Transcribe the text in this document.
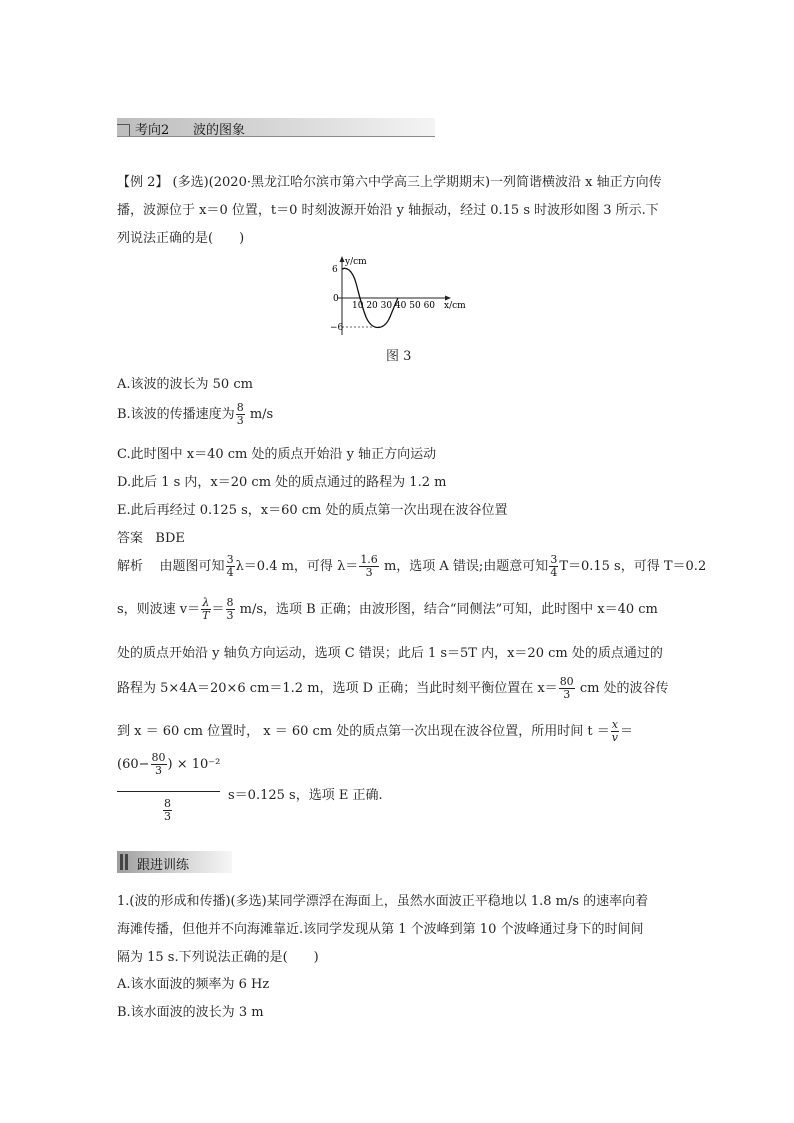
考向2 波的图象
【例 2】 (多选)(2020·黑龙江哈尔滨市第六中学高三上学期期末)一列简谐横波沿 x 轴正方向传
播，波源位于 x＝0 位置，t＝0 时刻波源开始沿 y 轴振动，经过 0.15 s 时波形如图 3 所示.下
列说法正确的是(　　)
y/cm
6
0
−6
10 20 30 40 50 60 x/cm
图 3
A.该波的波长为 50 cm
B.该波的传播速度为 $\frac{8}{3} m/s$
C.此时图中 x＝40 cm 处的质点开始沿 y 轴正方向运动
D.此后 1 s 内，x＝20 cm 处的质点通过的路程为 1.2 m
E.此后再经过 0.125 s，x＝60 cm 处的质点第一次出现在波谷位置
答案 BDE
解析 由题图可知 $\frac{3}{4} \lambda=0.4$ m，可得 $\lambda= \frac{1.6}{3}$ m，选项 A 错误;由题意可知 $\frac{3}{4} T=0.15$ s，可得 T＝0.2
s，则波速 $v= \frac{\lambda}{T} = \frac{8}{3} m/s$，选项 B 正确；由波形图，结合“同侧法”可知，此时图中 x＝40 cm
处的质点开始沿 y 轴负方向运动，选项 C 错误；此后 1 s＝5T 内，x＝20 cm 处的质点通过的
路程为 5×4A＝20×6 cm＝1.2 m，选项 D 正确；当此时刻平衡位置在 $x= \frac{80}{3}$ cm 处的波谷传
到 x ＝ 60 cm 位置时， x ＝ 60 cm 处的质点第一次出现在波谷位置，所用时间 $t = \frac{x}{v}$ ＝
($60- \frac{80}{3}$ ) × 10⁻²
$\frac{8}{3}$
s＝0.125 s，选项 E 正确.
跟进训练
1.(波的形成和传播)(多选)某同学漂浮在海面上，虽然水面波正平稳地以 1.8 m/s 的速率向着
海滩传播，但他并不向海滩靠近.该同学发现从第 1 个波峰到第 10 个波峰通过身下的时间间
隔为 15 s.下列说法正确的是(　　)
A.该水面波的频率为 6 Hz
B.该水面波的波长为 3 m
